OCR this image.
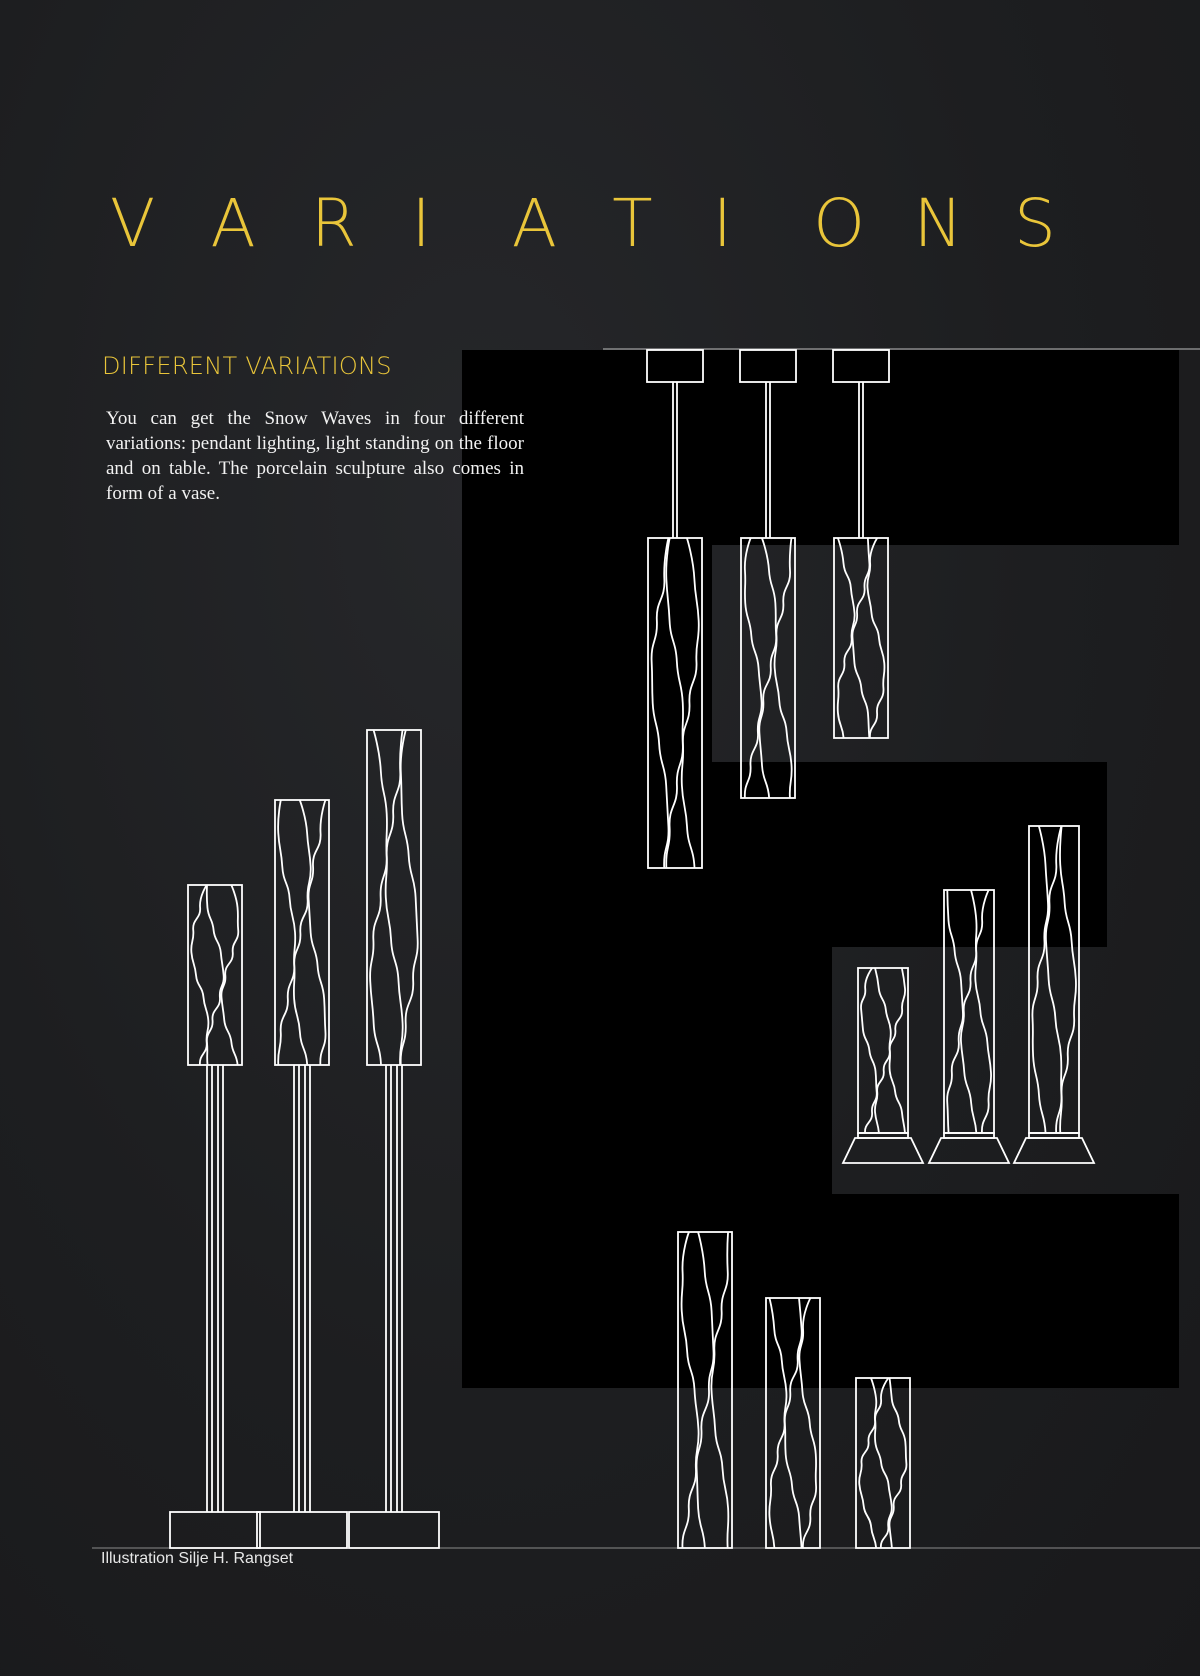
V A R I	A T I	O N S
DIFFERENT VARIATIONS
You can get the Snow Waves in four different variations: pendant lighting, light standing on the floor and on table. The porcelain sculpture also comes in form of a vase.
Illustration Silje H. Rangset
